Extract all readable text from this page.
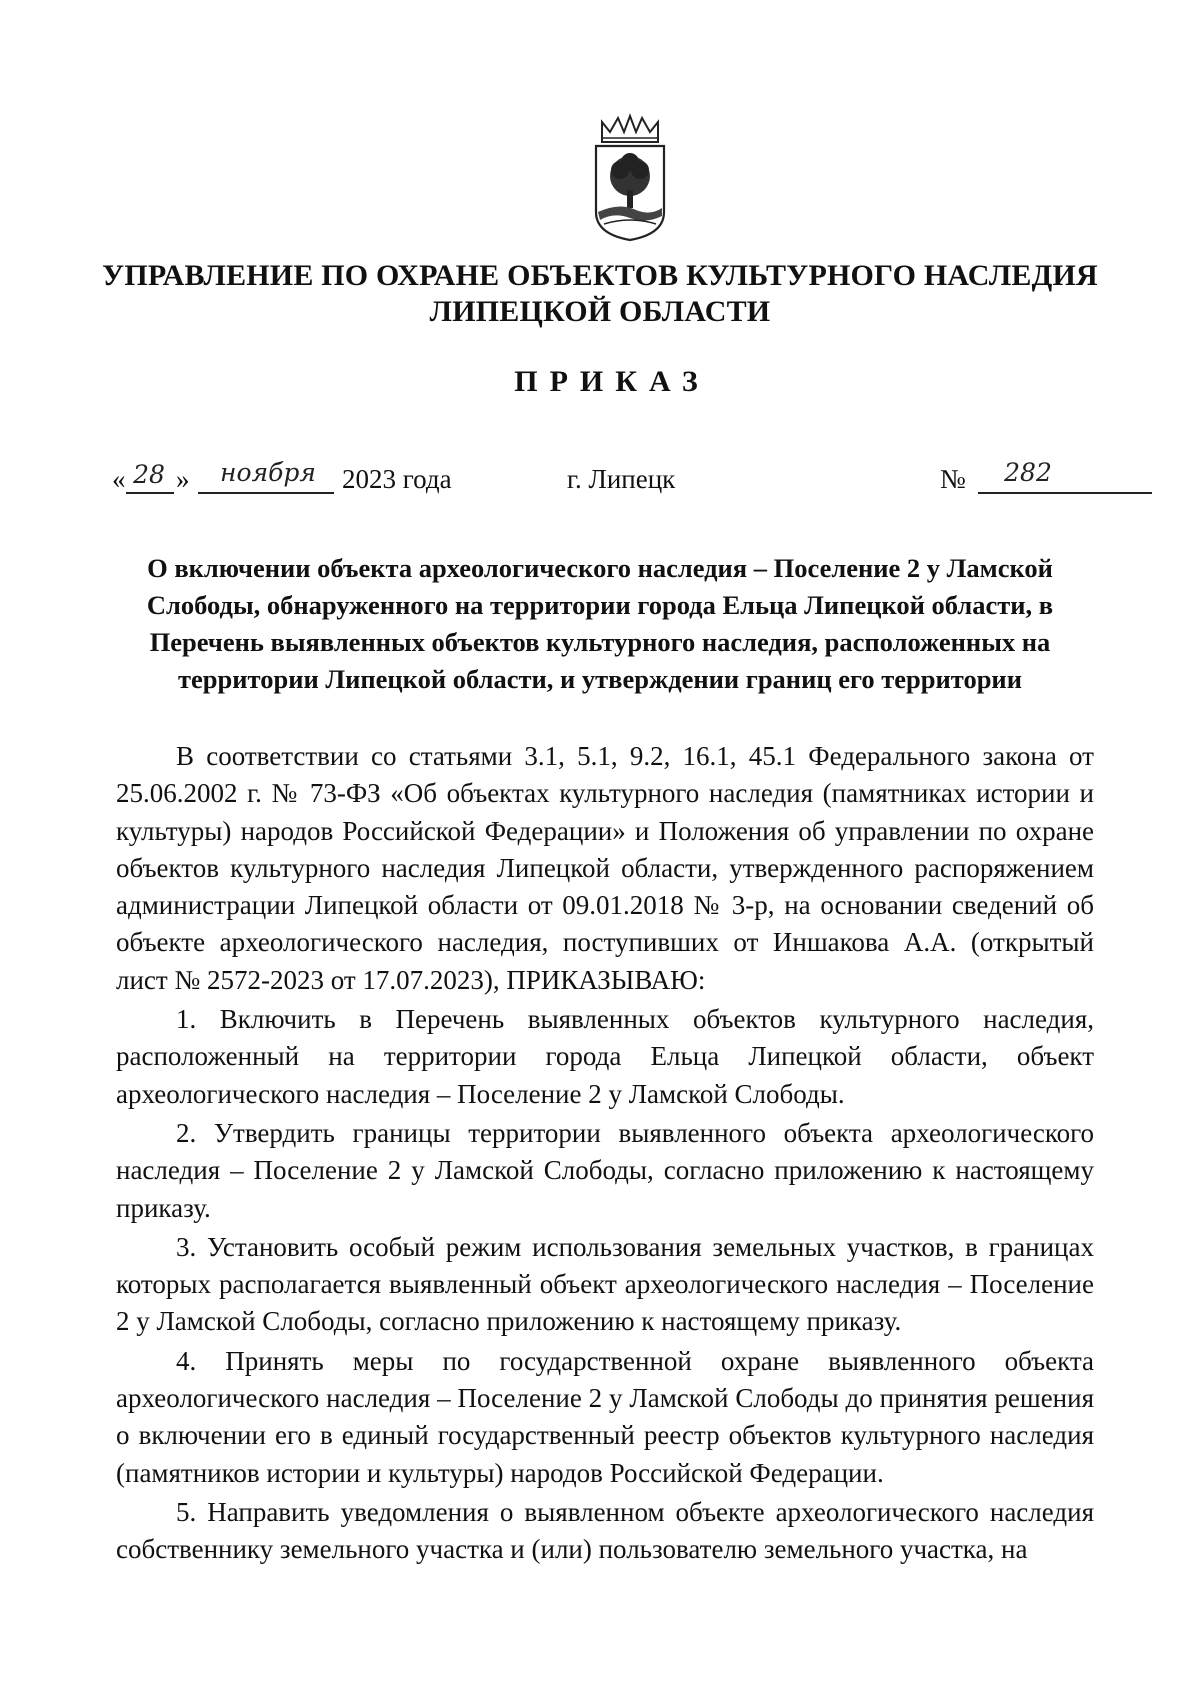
УПРАВЛЕНИЕ ПО ОХРАНЕ ОБЪЕКТОВ КУЛЬТУРНОГО НАСЛЕДИЯ
ЛИПЕЦКОЙ ОБЛАСТИ
ПРИКАЗ
« 28 »	ноября 2023 года	г. Липецк	№	282
О включении объекта археологического наследия – Поселение 2 у Ламской Слободы, обнаруженного на территории города Ельца Липецкой области, в Перечень выявленных объектов культурного наследия, расположенных на территории Липецкой области, и утверждении границ его территории

В соответствии со статьями 3.1, 5.1, 9.2, 16.1, 45.1 Федерального закона от 25.06.2002 г. № 73-ФЗ «Об объектах культурного наследия (памятниках истории и культуры) народов Российской Федерации» и Положения об управлении по охране объектов культурного наследия Липецкой области, утвержденного распоряжением администрации Липецкой области от 09.01.2018 № 3-р, на основании сведений об объекте археологического наследия, поступивших от Иншакова А.А. (открытый лист № 2572-2023 от 17.07.2023), ПРИКАЗЫВАЮ:

1. Включить в Перечень выявленных объектов культурного наследия, расположенный на территории города Ельца Липецкой области, объект археологического наследия – Поселение 2 у Ламской Слободы.

2. Утвердить границы территории выявленного объекта археологического наследия – Поселение 2 у Ламской Слободы, согласно приложению к настоящему приказу.

3. Установить особый режим использования земельных участков, в границах которых располагается выявленный объект археологического наследия – Поселение 2 у Ламской Слободы, согласно приложению к настоящему приказу.

4. Принять меры по государственной охране выявленного объекта археологического наследия – Поселение 2 у Ламской Слободы до принятия решения о включении его в единый государственный реестр объектов культурного наследия (памятников истории и культуры) народов Российской Федерации.

5. Направить уведомления о выявленном объекте археологического наследия собственнику земельного участка и (или) пользователю земельного участка, на
